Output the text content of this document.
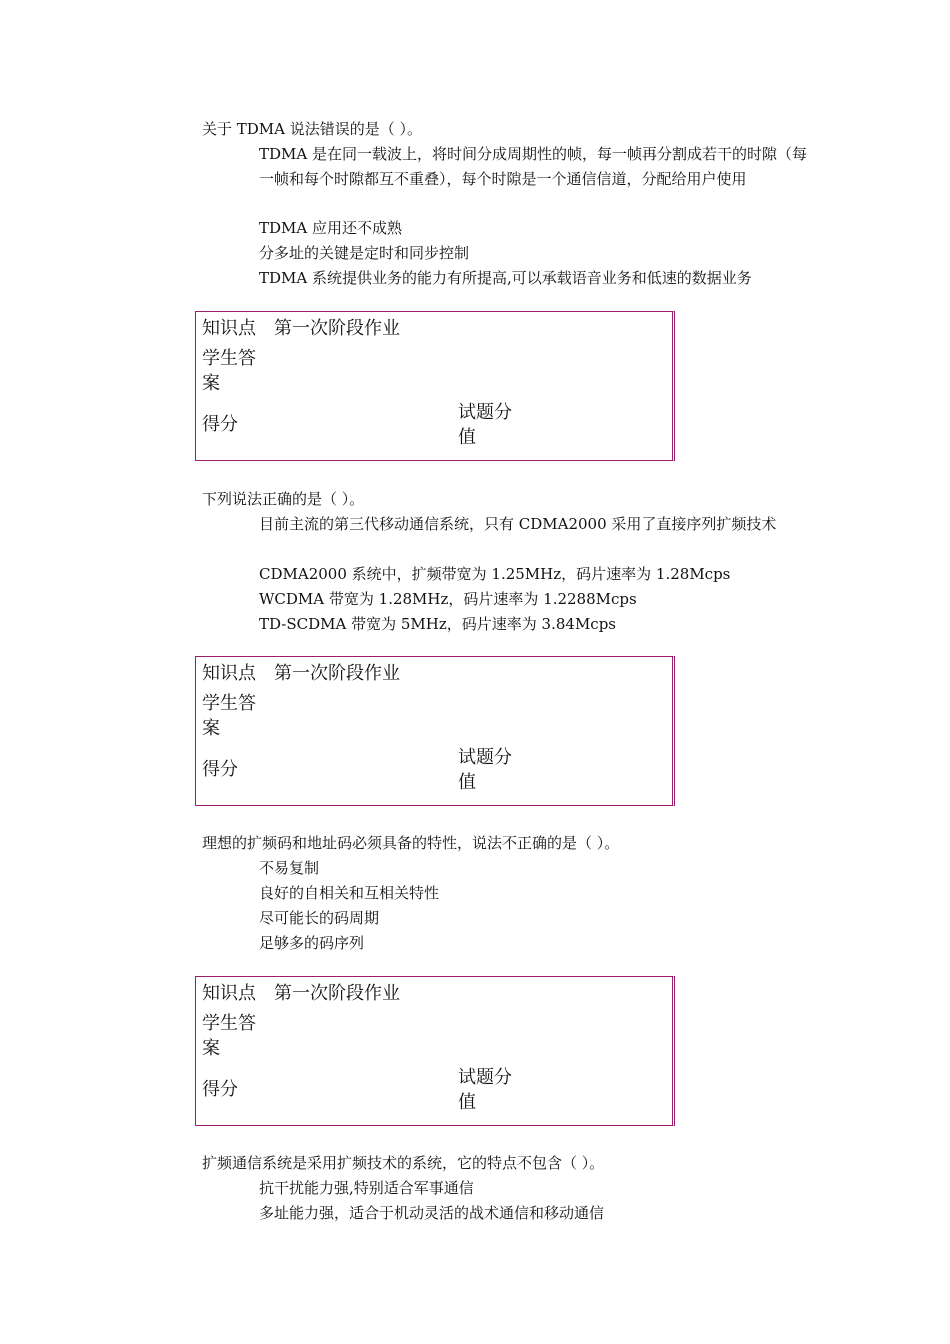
关于 TDMA 说法错误的是（ ）。
TDMA 是在同一载波上，将时间分成周期性的帧，每一帧再分割成若干的时隙（每一帧和每个时隙都互不重叠），每个时隙是一个通信信道，分配给用户使用
TDMA 应用还不成熟
分多址的关键是定时和同步控制
TDMA 系统提供业务的能力有所提高,可以承载语音业务和低速的数据业务
知识点 第一次阶段作业
学生答案
得分
试题分值
下列说法正确的是（ ）。
目前主流的第三代移动通信系统，只有 CDMA2000 采用了直接序列扩频技术
CDMA2000 系统中，扩频带宽为 1.25MHz，码片速率为 1.28Mcps
WCDMA 带宽为 1.28MHz，码片速率为 1.2288Mcps
TD-SCDMA 带宽为 5MHz，码片速率为 3.84Mcps
知识点 第一次阶段作业
学生答案
得分
试题分值
理想的扩频码和地址码必须具备的特性，说法不正确的是（ ）。
不易复制
良好的自相关和互相关特性
尽可能长的码周期
足够多的码序列
知识点 第一次阶段作业
学生答案
得分
试题分值
扩频通信系统是采用扩频技术的系统，它的特点不包含（ ）。
抗干扰能力强,特别适合军事通信
多址能力强，适合于机动灵活的战术通信和移动通信
